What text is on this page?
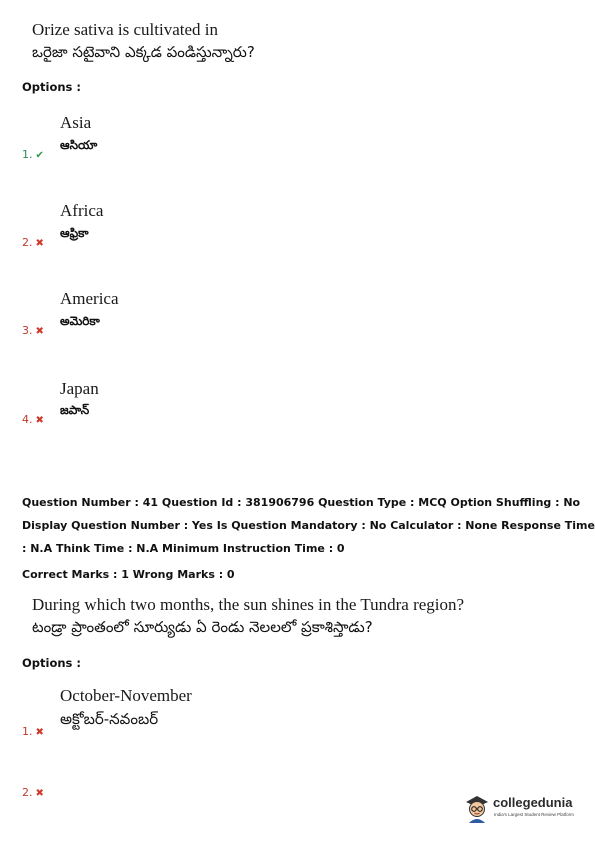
Orize sativa is cultivated in
ఒరైజా సటైవాని ఎక్కడ పండిస్తున్నారు?
Options :
Asia
ఆసియా
1. ✔
Africa
ఆఫ్రికా
2. ✖
America
అమెరికా
3. ✖
Japan
జపాన్
4. ✖
Question Number : 41 Question Id : 381906796 Question Type : MCQ Option Shuffling : No
Display Question Number : Yes Is Question Mandatory : No Calculator : None Response Time
: N.A Think Time : N.A Minimum Instruction Time : 0
Correct Marks : 1 Wrong Marks : 0
During which two months, the sun shines in the Tundra region?
టండ్రా ప్రాంతంలో సూర్యుడు ఏ రెండు నెలలలో ప్రకాశిస్తాడు?
Options :
October-November
అక్టోబర్-నవంబర్
1. ✖
2. ✖
collegedunia
India's Largest Student Review Platform
